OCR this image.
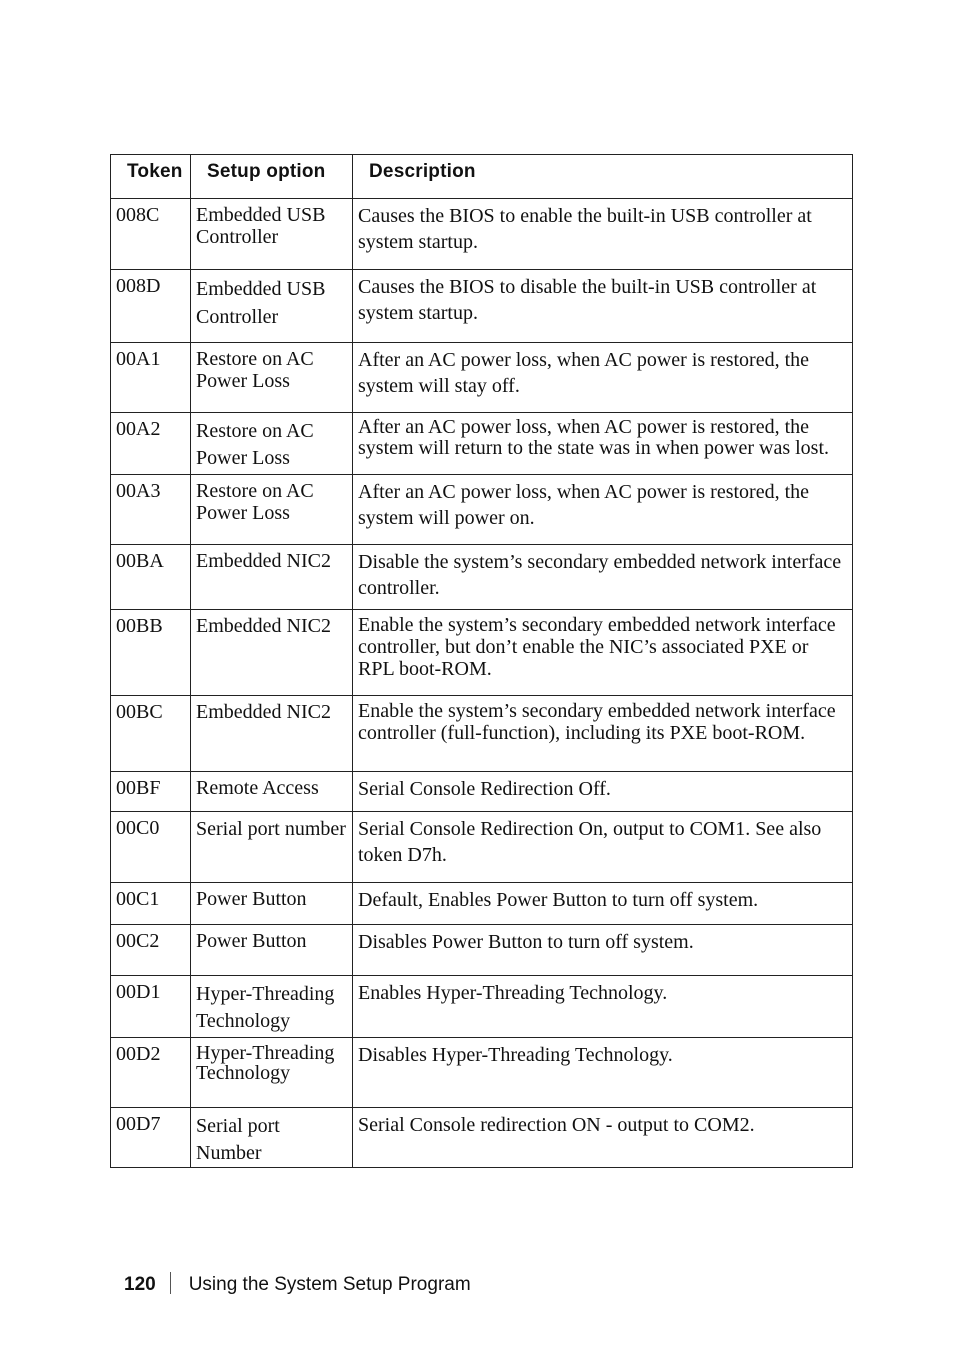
Token	Setup option	Description
008C	Embedded USB Controller	Causes the BIOS to enable the built-in USB controller at system startup.
008D	Embedded USB Controller	Causes the BIOS to disable the built-in USB controller at system startup.
00A1	Restore on AC Power Loss	After an AC power loss, when AC power is restored, the system will stay off.
00A2	Restore on AC Power Loss	After an AC power loss, when AC power is restored, the system will return to the state was in when power was lost.
00A3	Restore on AC Power Loss	After an AC power loss, when AC power is restored, the system will power on.
00BA	Embedded NIC2	Disable the system’s secondary embedded network interface controller.
00BB	Embedded NIC2	Enable the system’s secondary embedded network interface controller, but don’t enable the NIC’s associated PXE or RPL boot-ROM.
00BC	Embedded NIC2	Enable the system’s secondary embedded network interface controller (full-function), including its PXE boot-ROM.
00BF	Remote Access	Serial Console Redirection Off.
00C0	Serial port number	Serial Console Redirection On, output to COM1. See also token D7h.
00C1	Power Button	Default, Enables Power Button to turn off system.
00C2	Power Button	Disables Power Button to turn off system.
00D1	Hyper-Threading Technology	Enables Hyper-Threading Technology.
00D2	Hyper-Threading Technology	Disables Hyper-Threading Technology.
00D7	Serial port Number	Serial Console redirection ON - output to COM2.
120 Using the System Setup Program
